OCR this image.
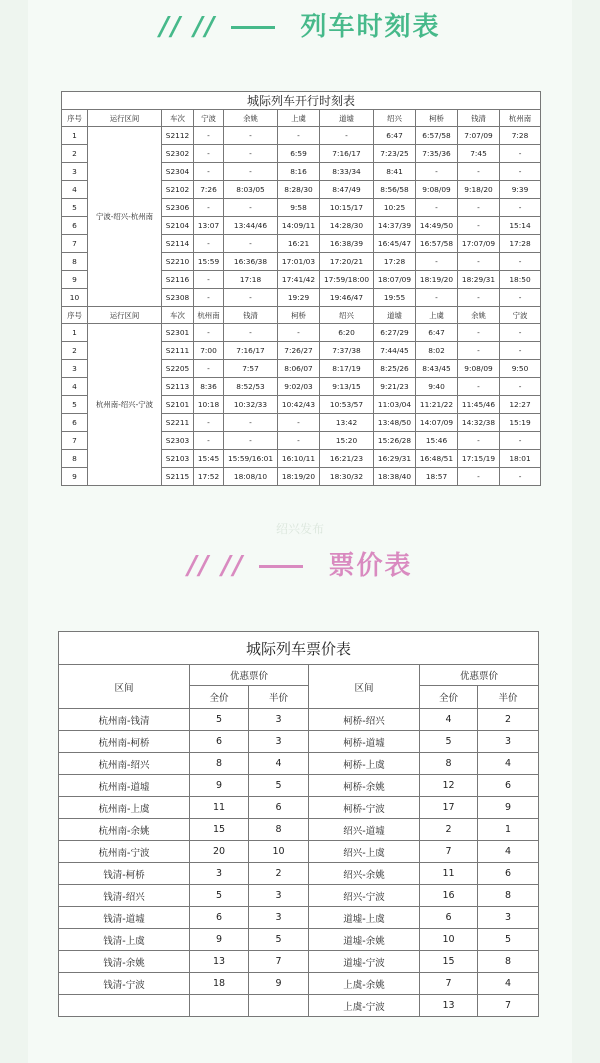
// //	列车时刻表
城际列车开行时刻表										
序号	运行区间	车次	宁波	余姚	上虞	道墟	绍兴	柯桥	钱清	杭州南
1	宁波-绍兴-杭州南	S2112	-	-	-	-	6:47	6:57/58	7:07/09	7:28
2		S2302	-	-	6:59	7:16/17	7:23/25	7:35/36	7:45	-
3		S2304	-	-	8:16	8:33/34	8:41	-	-	-
4		S2102	7:26	8:03/05	8:28/30	8:47/49	8:56/58	9:08/09	9:18/20	9:39
5		S2306	-	-	9:58	10:15/17	10:25	-	-	-
6		S2104	13:07	13:44/46	14:09/11	14:28/30	14:37/39	14:49/50	-	15:14
7		S2114	-	-	16:21	16:38/39	16:45/47	16:57/58	17:07/09	17:28
8		S2210	15:59	16:36/38	17:01/03	17:20/21	17:28	-	-	-
9		S2116	-	17:18	17:41/42	17:59/18:00	18:07/09	18:19/20	18:29/31	18:50
10		S2308	-	-	19:29	19:46/47	19:55	-	-	-
序号	运行区间	车次	杭州南	钱清	柯桥	绍兴	道墟	上虞	余姚	宁波
1	杭州南-绍兴-宁波	S2301	-	-	-	6:20	6:27/29	6:47	-	-
2		S2111	7:00	7:16/17	7:26/27	7:37/38	7:44/45	8:02	-	-
3		S2205	-	7:57	8:06/07	8:17/19	8:25/26	8:43/45	9:08/09	9:50
4		S2113	8:36	8:52/53	9:02/03	9:13/15	9:21/23	9:40	-	-
5		S2101	10:18	10:32/33	10:42/43	10:53/57	11:03/04	11:21/22	11:45/46	12:27
6		S2211	-	-	-	13:42	13:48/50	14:07/09	14:32/38	15:19
7		S2303	-	-	-	15:20	15:26/28	15:46	-	-
8		S2103	15:45	15:59/16:01	16:10/11	16:21/23	16:29/31	16:48/51	17:15/19	18:01
9		S2115	17:52	18:08/10	18:19/20	18:30/32	18:38/40	18:57	-	-
绍兴发布
// //	票价表
城际列车票价表					
区间	优惠票价		区间	优惠票价	
	全价	半价		全价	半价
杭州南-钱清	5	3	柯桥-绍兴	4	2
杭州南-柯桥	6	3	柯桥-道墟	5	3
杭州南-绍兴	8	4	柯桥-上虞	8	4
杭州南-道墟	9	5	柯桥-余姚	12	6
杭州南-上虞	11	6	柯桥-宁波	17	9
杭州南-余姚	15	8	绍兴-道墟	2	1
杭州南-宁波	20	10	绍兴-上虞	7	4
钱清-柯桥	3	2	绍兴-余姚	11	6
钱清-绍兴	5	3	绍兴-宁波	16	8
钱清-道墟	6	3	道墟-上虞	6	3
钱清-上虞	9	5	道墟-余姚	10	5
钱清-余姚	13	7	道墟-宁波	15	8
钱清-宁波	18	9	上虞-余姚	7	4
			上虞-宁波	13	7
